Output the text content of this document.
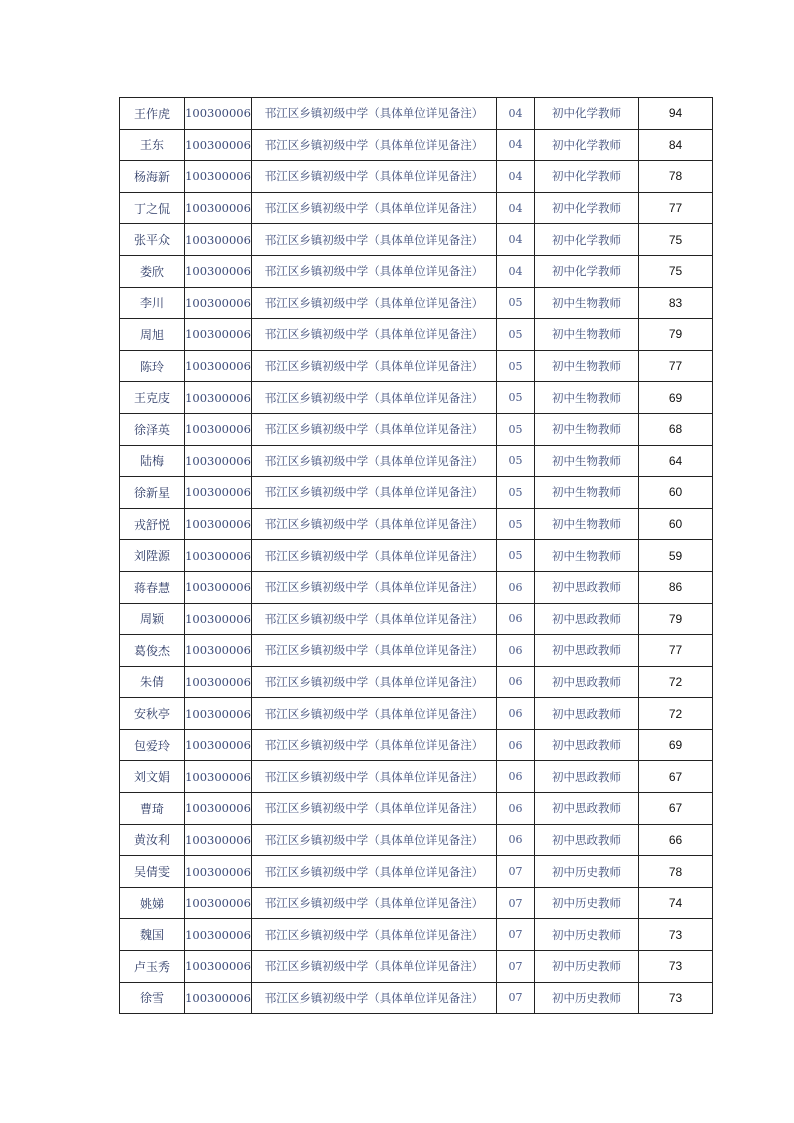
王作虎	100300006	邗江区乡镇初级中学（具体单位详见备注）	04	初中化学教师	94
王东	100300006	邗江区乡镇初级中学（具体单位详见备注）	04	初中化学教师	84
杨海新	100300006	邗江区乡镇初级中学（具体单位详见备注）	04	初中化学教师	78
丁之侃	100300006	邗江区乡镇初级中学（具体单位详见备注）	04	初中化学教师	77
张平众	100300006	邗江区乡镇初级中学（具体单位详见备注）	04	初中化学教师	75
娄欣	100300006	邗江区乡镇初级中学（具体单位详见备注）	04	初中化学教师	75
李川	100300006	邗江区乡镇初级中学（具体单位详见备注）	05	初中生物教师	83
周旭	100300006	邗江区乡镇初级中学（具体单位详见备注）	05	初中生物教师	79
陈玲	100300006	邗江区乡镇初级中学（具体单位详见备注）	05	初中生物教师	77
王克庋	100300006	邗江区乡镇初级中学（具体单位详见备注）	05	初中生物教师	69
徐泽英	100300006	邗江区乡镇初级中学（具体单位详见备注）	05	初中生物教师	68
陆梅	100300006	邗江区乡镇初级中学（具体单位详见备注）	05	初中生物教师	64
徐新星	100300006	邗江区乡镇初级中学（具体单位详见备注）	05	初中生物教师	60
戎舒悦	100300006	邗江区乡镇初级中学（具体单位详见备注）	05	初中生物教师	60
刘陞源	100300006	邗江区乡镇初级中学（具体单位详见备注）	05	初中生物教师	59
蒋春慧	100300006	邗江区乡镇初级中学（具体单位详见备注）	06	初中思政教师	86
周颖	100300006	邗江区乡镇初级中学（具体单位详见备注）	06	初中思政教师	79
葛俊杰	100300006	邗江区乡镇初级中学（具体单位详见备注）	06	初中思政教师	77
朱倩	100300006	邗江区乡镇初级中学（具体单位详见备注）	06	初中思政教师	72
安秋亭	100300006	邗江区乡镇初级中学（具体单位详见备注）	06	初中思政教师	72
包爱玲	100300006	邗江区乡镇初级中学（具体单位详见备注）	06	初中思政教师	69
刘文娟	100300006	邗江区乡镇初级中学（具体单位详见备注）	06	初中思政教师	67
曹琦	100300006	邗江区乡镇初级中学（具体单位详见备注）	06	初中思政教师	67
黄汝利	100300006	邗江区乡镇初级中学（具体单位详见备注）	06	初中思政教师	66
吴倩雯	100300006	邗江区乡镇初级中学（具体单位详见备注）	07	初中历史教师	78
姚娣	100300006	邗江区乡镇初级中学（具体单位详见备注）	07	初中历史教师	74
魏国	100300006	邗江区乡镇初级中学（具体单位详见备注）	07	初中历史教师	73
卢玉秀	100300006	邗江区乡镇初级中学（具体单位详见备注）	07	初中历史教师	73
徐雪	100300006	邗江区乡镇初级中学（具体单位详见备注）	07	初中历史教师	73
